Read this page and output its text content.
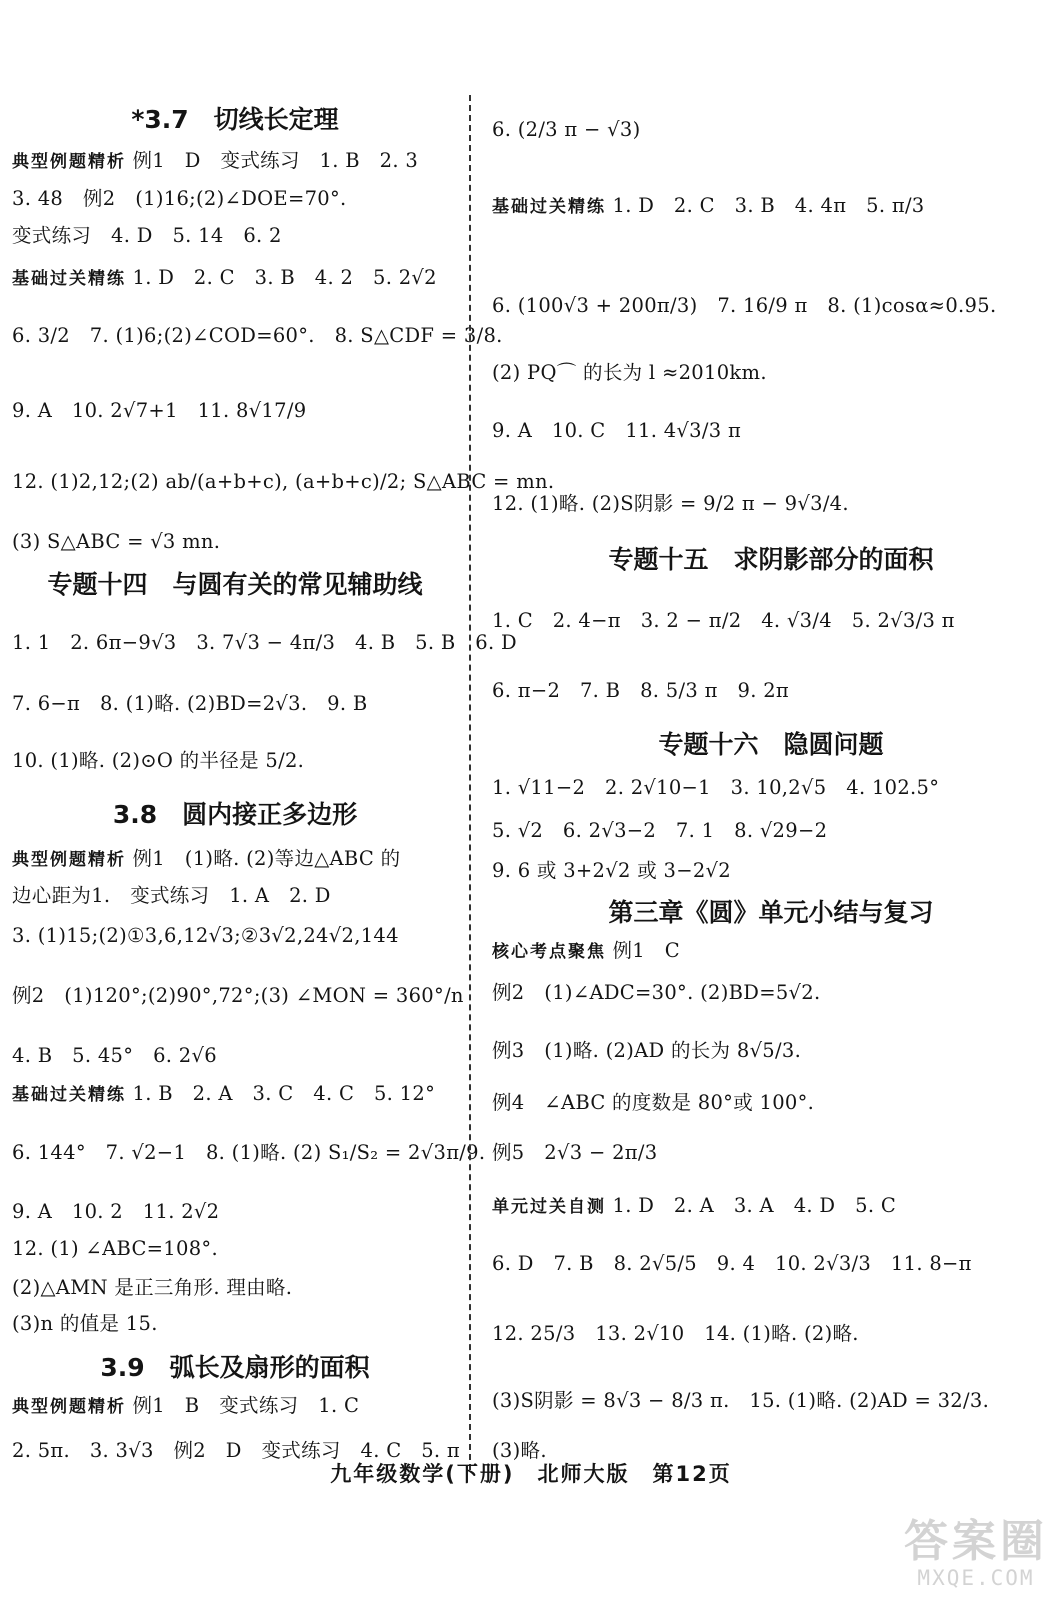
*3.7　切线长定理
典型例题精析 例1　D　变式练习　1. B　2. 3
3. 48　例2　(1)16;(2)∠DOE=70°.
变式练习　4. D　5. 14　6. 2
基础过关精练 1. D　2. C　3. B　4. 2　5. 2√2
6. 3/2　7. (1)6;(2)∠COD=60°.　8. S△CDF = 3/8.
9. A　10. 2√7+1　11. 8√17/9
12. (1)2,12;(2) ab/(a+b+c), (a+b+c)/2; S△ABC = mn.
(3) S△ABC = √3 mn.
专题十四　与圆有关的常见辅助线
1. 1　2. 6π−9√3　3. 7√3 − 4π/3　4. B　5. B　6. D
7. 6−π　8. (1)略. (2)BD=2√3.　9. B
10. (1)略. (2)⊙O 的半径是 5/2.
3.8　圆内接正多边形
典型例题精析 例1　(1)略. (2)等边△ABC 的
边心距为1.　变式练习　1. A　2. D
3. (1)15;(2)①3,6,12√3;②3√2,24√2,144
例2　(1)120°;(2)90°,72°;(3) ∠MON = 360°/n
4. B　5. 45°　6. 2√6
基础过关精练 1. B　2. A　3. C　4. C　5. 12°
6. 144°　7. √2−1　8. (1)略. (2) S₁/S₂ = 2√3π/9.
9. A　10. 2　11. 2√2
12. (1) ∠ABC=108°.
(2)△AMN 是正三角形. 理由略.
(3)n 的值是 15.
3.9　弧长及扇形的面积
典型例题精析 例1　B　变式练习　1. C
2. 5π.　3. 3√3　例2　D　变式练习　4. C　5. π
6. (2/3 π − √3)
基础过关精练 1. D　2. C　3. B　4. 4π　5. π/3
6. (100√3 + 200π/3)　7. 16/9 π　8. (1)cosα≈0.95.
(2) PQ⌒ 的长为 l ≈2010km.
9. A　10. C　11. 4√3/3 π
12. (1)略. (2)S阴影 = 9/2 π − 9√3/4.
专题十五　求阴影部分的面积
1. C　2. 4−π　3. 2 − π/2　4. √3/4　5. 2√3/3 π
6. π−2　7. B　8. 5/3 π　9. 2π
专题十六　隐圆问题
1. √11−2　2. 2√10−1　3. 10,2√5　4. 102.5°
5. √2　6. 2√3−2　7. 1　8. √29−2
9. 6 或 3+2√2 或 3−2√2
第三章《圆》单元小结与复习
核心考点聚焦 例1　C
例2　(1)∠ADC=30°. (2)BD=5√2.
例3　(1)略. (2)AD 的长为 8√5/3.
例4　∠ABC 的度数是 80°或 100°.
例5　2√3 − 2π/3
单元过关自测 1. D　2. A　3. A　4. D　5. C
6. D　7. B　8. 2√5/5　9. 4　10. 2√3/3　11. 8−π
12. 25/3　13. 2√10　14. (1)略. (2)略.
(3)S阴影 = 8√3 − 8/3 π.　15. (1)略. (2)AD = 32/3.
(3)略.
九年级数学(下册)　北师大版　第12页
答案圈
MXQE.COM
